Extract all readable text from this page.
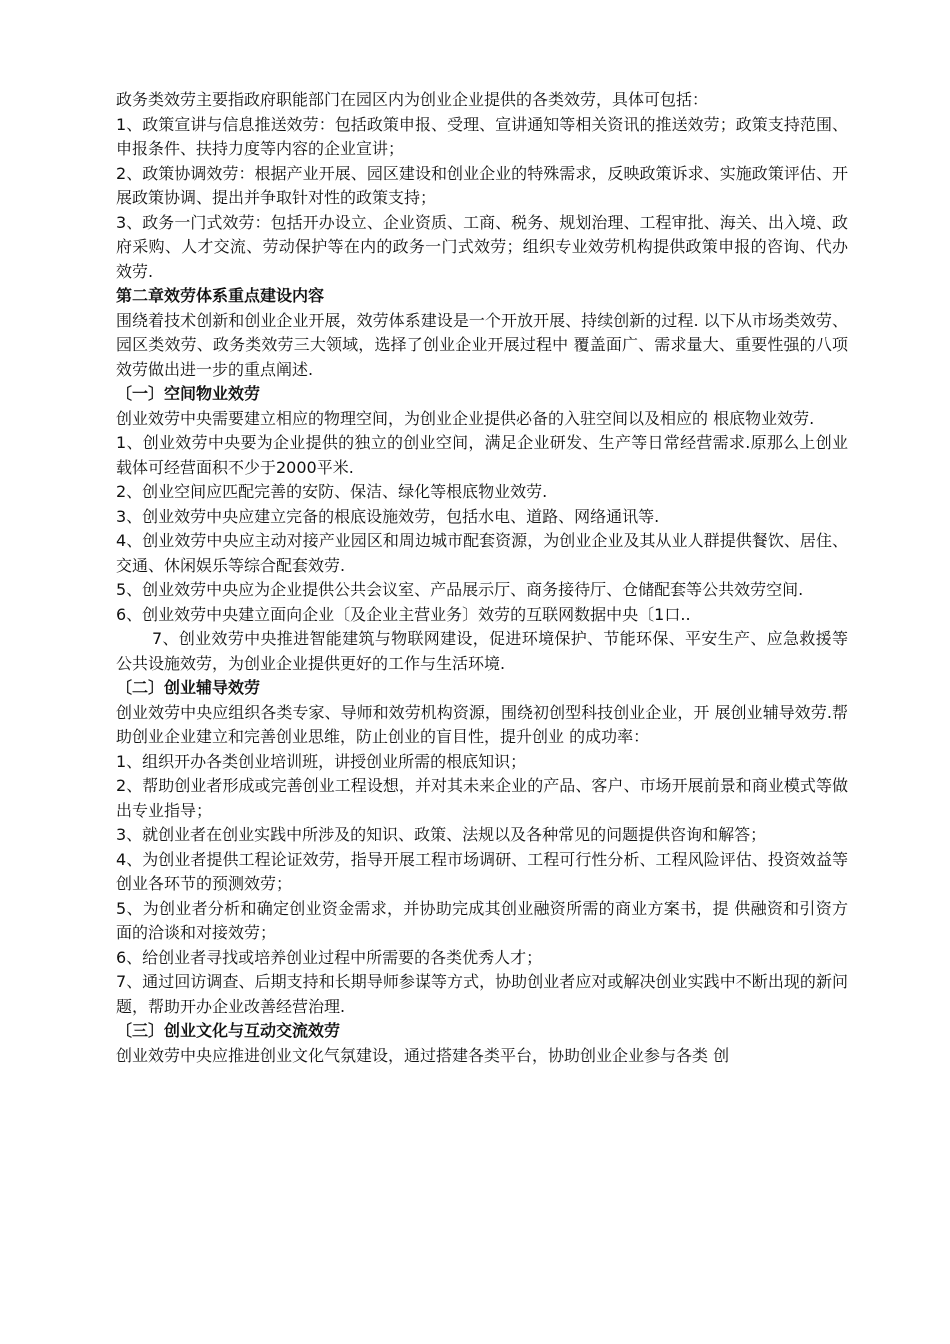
政务类效劳主要指政府职能部门在园区内为创业企业提供的各类效劳，具体可包括：

1、政策宣讲与信息推送效劳：包括政策申报、受理、宣讲通知等相关资讯的推送效劳；政策支持范围、申报条件、扶持力度等内容的企业宣讲；

2、政策协调效劳：根据产业开展、园区建设和创业企业的特殊需求，反映政策诉求、实施政策评估、开展政策协调、提出并争取针对性的政策支持；

3、政务一门式效劳：包括开办设立、企业资质、工商、税务、规划治理、工程审批、海关、出入境、政府采购、人才交流、劳动保护等在内的政务一门式效劳；组织专业效劳机构提供政策申报的咨询、代办效劳.

第二章效劳体系重点建设内容

围绕着技术创新和创业企业开展，效劳体系建设是一个开放开展、持续创新的过程. 以下从市场类效劳、园区类效劳、政务类效劳三大领域，选择了创业企业开展过程中 覆盖面广、需求量大、重要性强的八项效劳做出进一步的重点阐述.

〔一〕空间物业效劳

创业效劳中央需要建立相应的物理空间，为创业企业提供必备的入驻空间以及相应的 根底物业效劳.

1、创业效劳中央要为企业提供的独立的创业空间，满足企业研发、生产等日常经营需求.原那么上创业载体可经营面积不少于2000平米.

2、创业空间应匹配完善的安防、保洁、绿化等根底物业效劳.

3、创业效劳中央应建立完备的根底设施效劳，包括水电、道路、网络通讯等.

4、创业效劳中央应主动对接产业园区和周边城市配套资源，为创业企业及其从业人群提供餐饮、居住、交通、休闲娱乐等综合配套效劳.

5、创业效劳中央应为企业提供公共会议室、产品展示厅、商务接待厅、仓储配套等公共效劳空间.

6、创业效劳中央建立面向企业〔及企业主营业务〕效劳的互联网数据中央〔1口..

7、创业效劳中央推进智能建筑与物联网建设，促进环境保护、节能环保、平安生产、应急救援等公共设施效劳，为创业企业提供更好的工作与生活环境.

〔二〕创业辅导效劳

创业效劳中央应组织各类专家、导师和效劳机构资源，围绕初创型科技创业企业，开 展创业辅导效劳.帮助创业企业建立和完善创业思维，防止创业的盲目性，提升创业 的成功率：

1、组织开办各类创业培训班，讲授创业所需的根底知识；

2、帮助创业者形成或完善创业工程设想，并对其未来企业的产品、客户、市场开展前景和商业模式等做出专业指导；

3、就创业者在创业实践中所涉及的知识、政策、法规以及各种常见的问题提供咨询和解答；

4、为创业者提供工程论证效劳，指导开展工程市场调研、工程可行性分析、工程风险评估、投资效益等创业各环节的预测效劳；

5、为创业者分析和确定创业资金需求，并协助完成其创业融资所需的商业方案书，提 供融资和引资方面的洽谈和对接效劳；

6、给创业者寻找或培养创业过程中所需要的各类优秀人才；

7、通过回访调查、后期支持和长期导师参谋等方式，协助创业者应对或解决创业实践中不断出现的新问题，帮助开办企业改善经营治理.

〔三〕创业文化与互动交流效劳

创业效劳中央应推进创业文化气氛建设，通过搭建各类平台，协助创业企业参与各类 创
